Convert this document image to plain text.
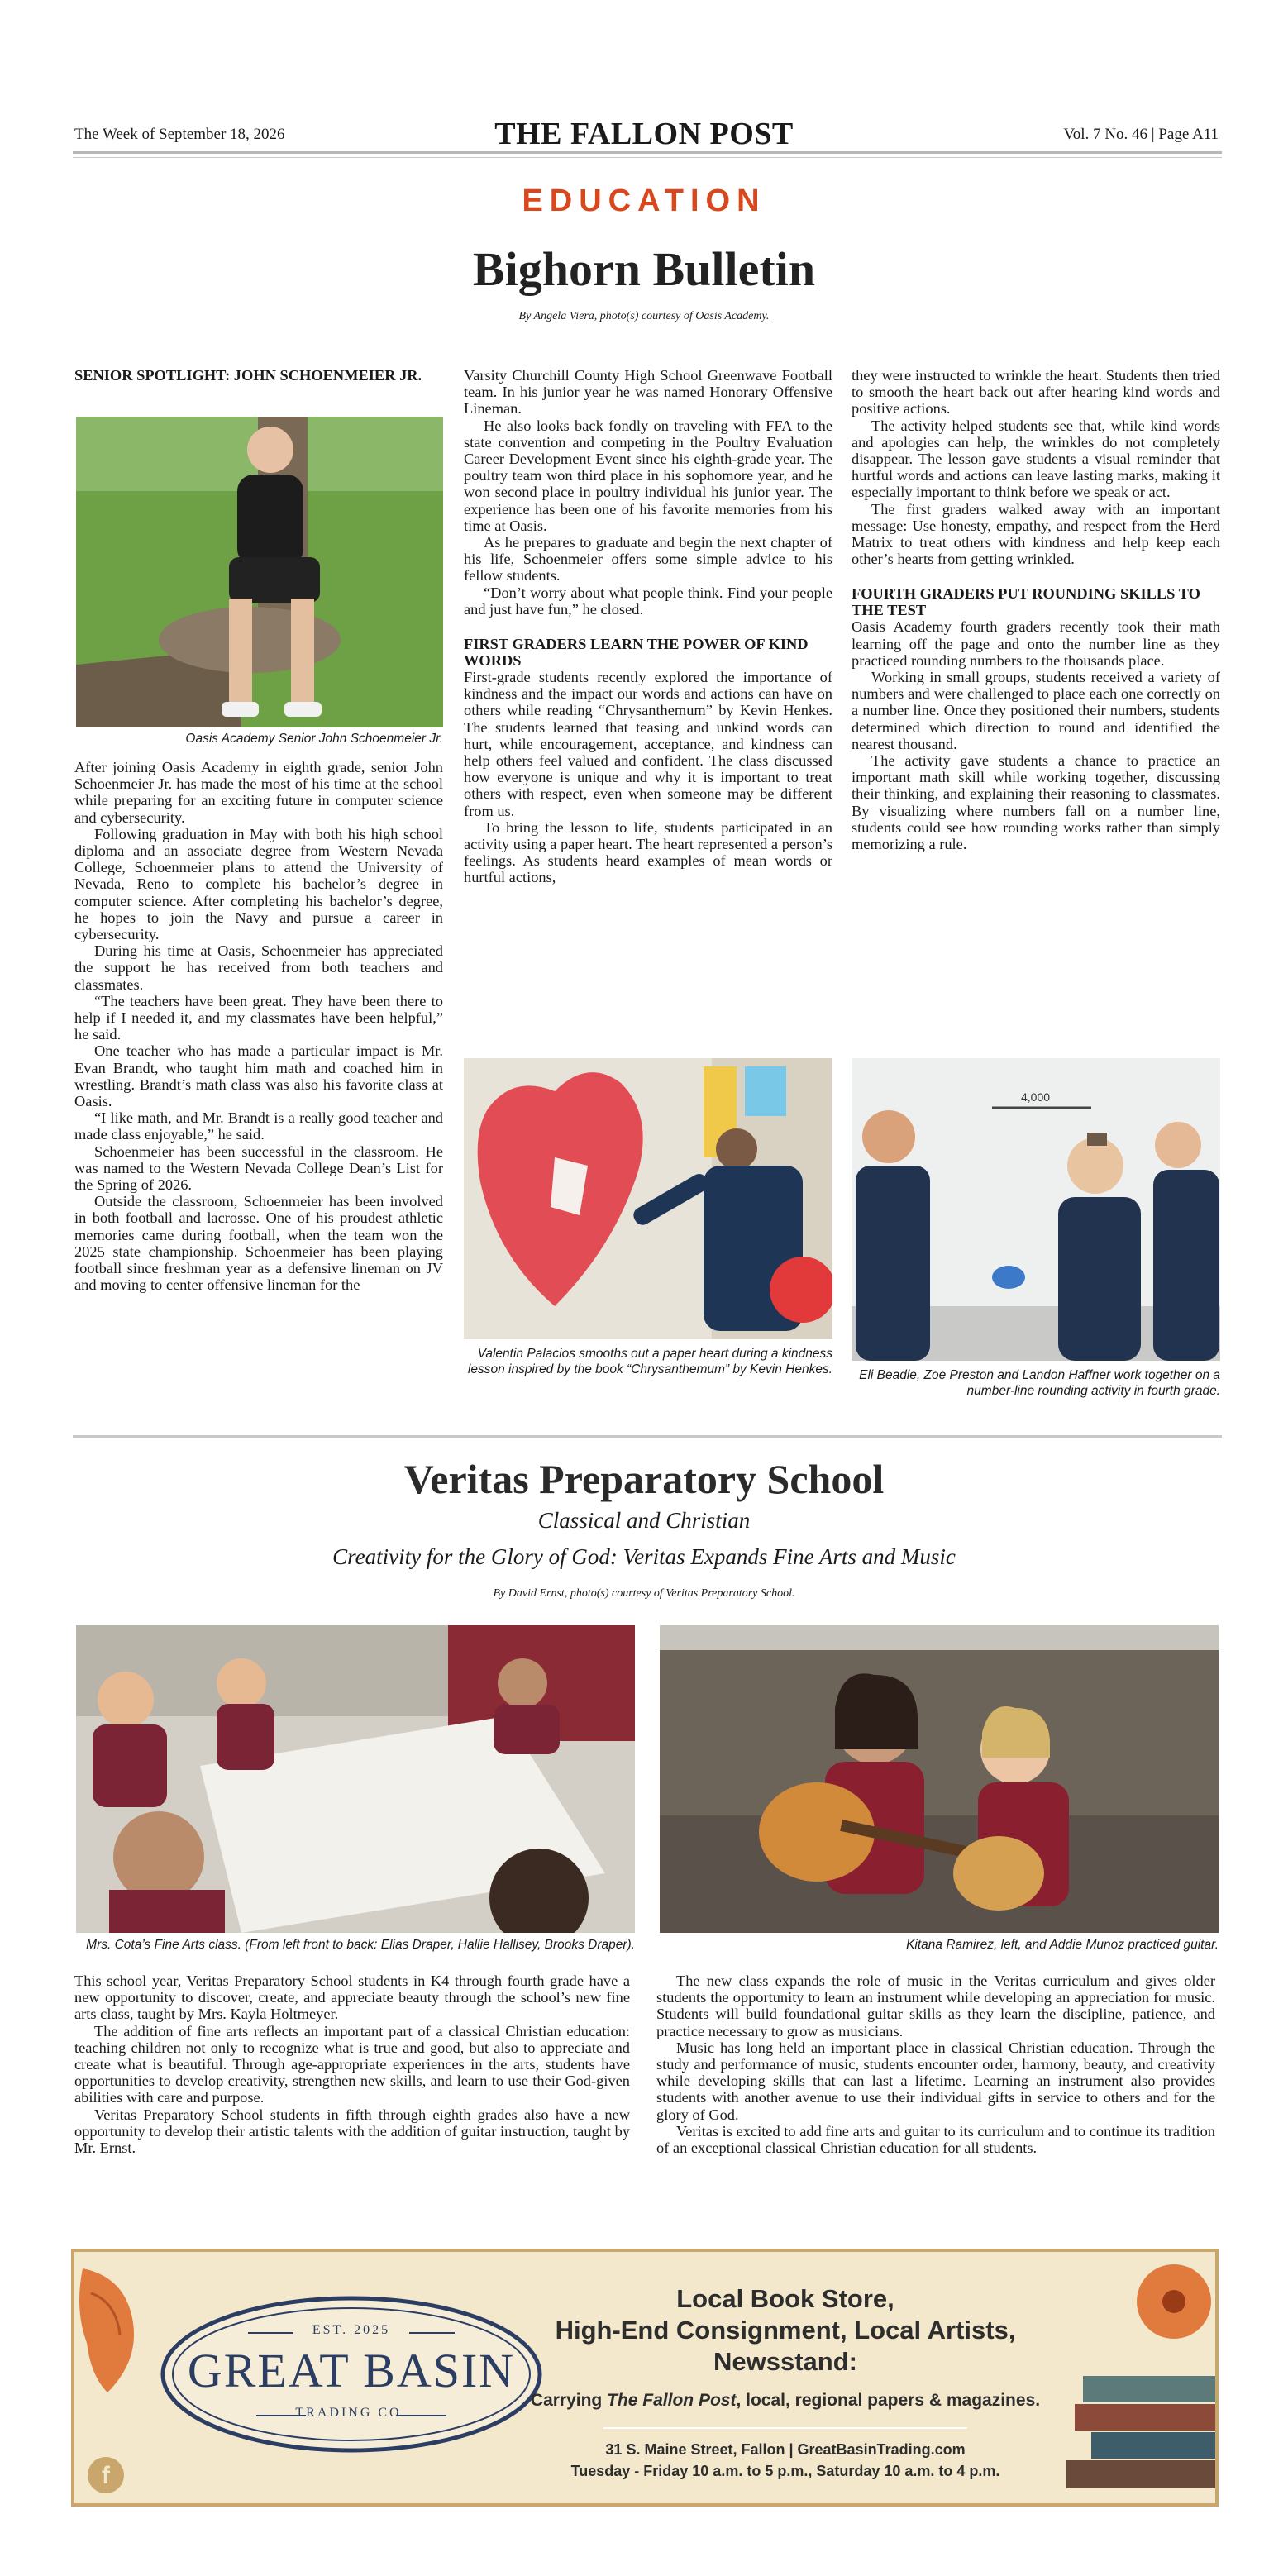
The Week of September 18, 2026	THE FALLON POST	Vol. 7 No. 46 | Page A11
EDUCATION
Bighorn Bulletin
By Angela Viera, photo(s) courtesy of Oasis Academy.
SENIOR SPOTLIGHT: JOHN SCHOENMEIER JR.
Oasis Academy Senior John Schoenmeier Jr.

After joining Oasis Academy in eighth grade, senior John Schoenmeier Jr. has made the most of his time at the school while preparing for an exciting future in computer science and cybersecurity.

Following graduation in May with both his high school diploma and an associate degree from Western Nevada College, Schoenmeier plans to attend the University of Nevada, Reno to complete his bachelor’s degree in computer science. After completing his bachelor’s degree, he hopes to join the Navy and pursue a career in cybersecurity.

During his time at Oasis, Schoenmeier has appreciated the support he has received from both teachers and classmates.

“The teachers have been great. They have been there to help if I needed it, and my classmates have been helpful,” he said.

One teacher who has made a particular impact is Mr. Evan Brandt, who taught him math and coached him in wrestling. Brandt’s math class was also his favorite class at Oasis.

“I like math, and Mr. Brandt is a really good teacher and made class enjoyable,” he said.

Schoenmeier has been successful in the classroom. He was named to the Western Nevada College Dean’s List for the Spring of 2026.

Outside the classroom, Schoenmeier has been involved in both football and lacrosse. One of his proudest athletic memories came during football, when the team won the 2025 state championship. Schoenmeier has been playing football since freshman year as a defensive lineman on JV and moving to center offensive lineman for the

Varsity Churchill County High School Greenwave Football team. In his junior year he was named Honorary Offensive Lineman.

He also looks back fondly on traveling with FFA to the state convention and competing in the Poultry Evaluation Career Development Event since his eighth-grade year. The poultry team won third place in his sophomore year, and he won second place in poultry individual his junior year. The experience has been one of his favorite memories from his time at Oasis.

As he prepares to graduate and begin the next chapter of his life, Schoenmeier offers some simple advice to his fellow students.

“Don’t worry about what people think. Find your people and just have fun,” he closed.

FIRST GRADERS LEARN THE POWER OF KIND WORDS

First-grade students recently explored the importance of kindness and the impact our words and actions can have on others while reading “Chrysanthemum” by Kevin Henkes. The students learned that teasing and unkind words can hurt, while encouragement, acceptance, and kindness can help others feel valued and confident. The class discussed how everyone is unique and why it is important to treat others with respect, even when someone may be different from us.

To bring the lesson to life, students participated in an activity using a paper heart. The heart represented a person’s feelings. As students heard examples of mean words or hurtful actions,

they were instructed to wrinkle the heart. Students then tried to smooth the heart back out after hearing kind words and positive actions.

The activity helped students see that, while kind words and apologies can help, the wrinkles do not completely disappear. The lesson gave students a visual reminder that hurtful words and actions can leave lasting marks, making it especially important to think before we speak or act.

The first graders walked away with an important message: Use honesty, empathy, and respect from the Herd Matrix to treat others with kindness and help keep each other’s hearts from getting wrinkled.

FOURTH GRADERS PUT ROUNDING SKILLS TO THE TEST

Oasis Academy fourth graders recently took their math learning off the page and onto the number line as they practiced rounding numbers to the thousands place.

Working in small groups, students received a variety of numbers and were challenged to place each one correctly on a number line. Once they positioned their numbers, students determined which direction to round and identified the nearest thousand.

The activity gave students a chance to practice an important math skill while working together, discussing their thinking, and explaining their reasoning to classmates. By visualizing where numbers fall on a number line, students could see how rounding works rather than simply memorizing a rule.

Valentin Palacios smooths out a paper heart during a kindness lesson inspired by the book “Chrysanthemum” by Kevin Henkes.
4,000
Eli Beadle, Zoe Preston and Landon Haffner work together on a number-line rounding activity in fourth grade.
Veritas Preparatory School
Classical and Christian
Creativity for the Glory of God: Veritas Expands Fine Arts and Music
By David Ernst, photo(s) courtesy of Veritas Preparatory School.
Mrs. Cota’s Fine Arts class. (From left front to back: Elias Draper, Hallie Hallisey, Brooks Draper).	Kitana Ramirez, left, and Addie Munoz practiced guitar.

This school year, Veritas Preparatory School students in K4 through fourth grade have a new opportunity to discover, create, and appreciate beauty through the school’s new fine arts class, taught by Mrs. Kayla Holtmeyer.

The addition of fine arts reflects an important part of a classical Christian education: teaching children not only to recognize what is true and good, but also to appreciate and create what is beautiful. Through age-appropriate experiences in the arts, students have opportunities to develop creativity, strengthen new skills, and learn to use their God-given abilities with care and purpose.

Veritas Preparatory School students in fifth through eighth grades also have a new opportunity to develop their artistic talents with the addition of guitar instruction, taught by Mr. Ernst.

The new class expands the role of music in the Veritas curriculum and gives older students the opportunity to learn an instrument while developing an appreciation for music. Students will build foundational guitar skills as they learn the discipline, patience, and practice necessary to grow as musicians.

Music has long held an important place in classical Christian education. Through the study and performance of music, students encounter order, harmony, beauty, and creativity while developing skills that can last a lifetime. Learning an instrument also provides students with another avenue to use their individual gifts in service to others and for the glory of God.

Veritas is excited to add fine arts and guitar to its curriculum and to continue its tradition of an exceptional classical Christian education for all students.

f
EST. 2025
GREAT BASIN
TRADING CO.
Local Book Store,
High-End Consignment, Local Artists,
Newsstand:
Carrying The Fallon Post, local, regional papers & magazines.
31 S. Maine Street, Fallon | GreatBasinTrading.com
Tuesday - Friday 10 a.m. to 5 p.m., Saturday 10 a.m. to 4 p.m.
